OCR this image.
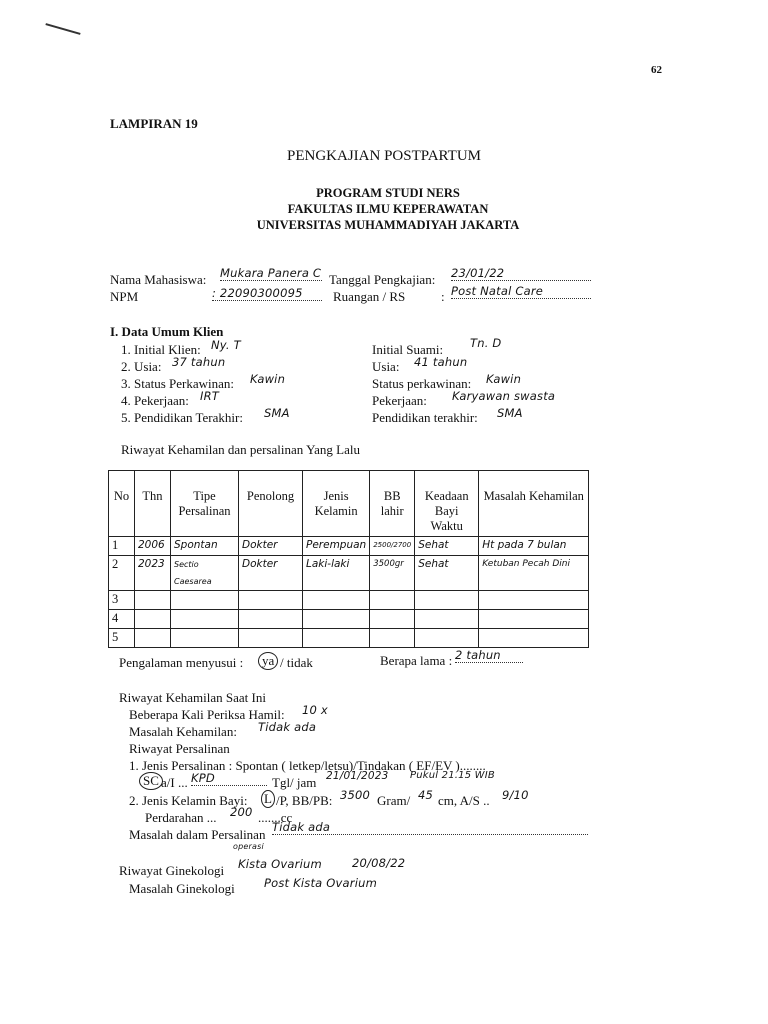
62
LAMPIRAN 19
PENGKAJIAN POSTPARTUM
PROGRAM STUDI NERS
FAKULTAS ILMU KEPERAWATAN
UNIVERSITAS MUHAMMADIYAH JAKARTA
Nama Mahasiswa: Mukara Panera C Tanggal Pengkajian: 23/01/22
NPM	: 22090300095	Ruangan / RS	: Post Natal Care
I. Data Umum Klien
1. Initial Klien: Ny. T
2. Usia: 37 tahun
3. Status Perkawinan: Kawin
4. Pekerjaan: IRT
5. Pendidikan Terakhir: SMA
Initial Suami: Tn. D
Usia: 41 tahun
Status perkawinan: Kawin
Pekerjaan: Karyawan swasta
Pendidikan terakhir: SMA
Riwayat Kehamilan dan persalinan Yang Lalu
No	Thn	Tipe Persalinan	Penolong	Jenis Kelamin	BB lahir	Keadaan Bayi Waktu	Masalah Kehamilan
1	2006	Spontan	Dokter	Perempuan	2500/2700	Sehat	Ht pada 7 bulan
2	2023	Sectio Caesarea	Dokter	Laki-laki	3500gr	Sehat	Ketuban Pecah Dini
3							
4							
5							
Pengalaman menyusui :	ya / tidak	Berapa lama : 2 tahun
Riwayat Kehamilan Saat Ini
Beberapa Kali Periksa Hamil: 10 x
Masalah Kehamilan: Tidak ada
Riwayat Persalinan
1. Jenis Persalinan : Spontan ( letkep/letsu)/Tindakan ( EF/EV )........
SC a/I ... KPD	Tgl/ jam 21/01/2023 Pukul 21.15 WIB
2. Jenis Kelamin Bayi: L /P, BB/PB: 3500 Gram/ 45 cm, A/S .. 9/10
Perdarahan ... 200 .......cc
Masalah dalam Persalinan Tidak ada
Riwayat Ginekologi
operasi
Kista Ovarium	20/08/22
Masalah Ginekologi	Post Kista Ovarium
